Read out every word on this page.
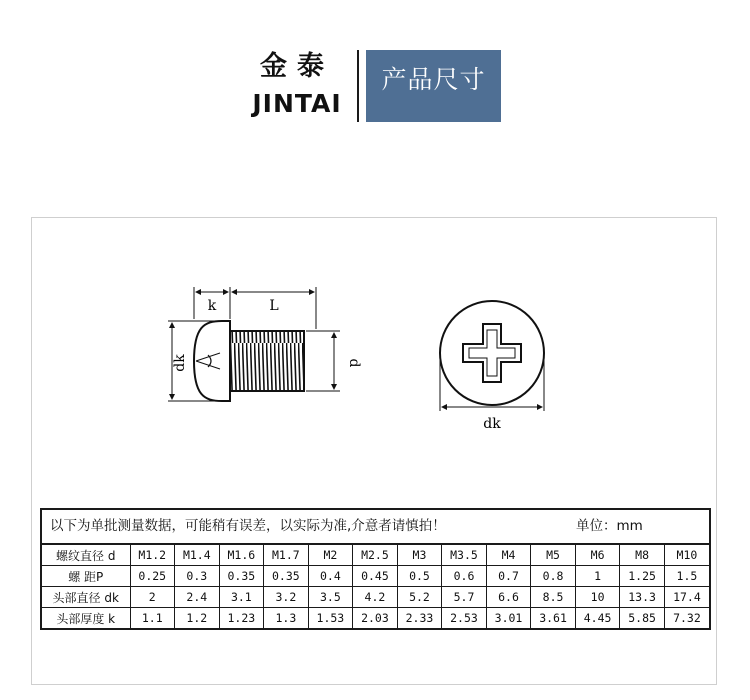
金泰
JINTAI
产品尺寸
k	L
dk	d
dk
以下为单批测量数据，可能稍有误差，以实际为准,介意者请慎拍！	单位：mm
螺纹直径 d	M1.2	M1.4	M1.6	M1.7	M2	M2.5	M3	M3.5	M4	M5	M6	M8	M10
螺 距P	0.25	0.3	0.35	0.35	0.4	0.45	0.5	0.6	0.7	0.8	1	1.25	1.5
头部直径 dk	2	2.4	3.1	3.2	3.5	4.2	5.2	5.7	6.6	8.5	10	13.3	17.4
头部厚度 k	1.1	1.2	1.23	1.3	1.53	2.03	2.33	2.53	3.01	3.61	4.45	5.85	7.32
